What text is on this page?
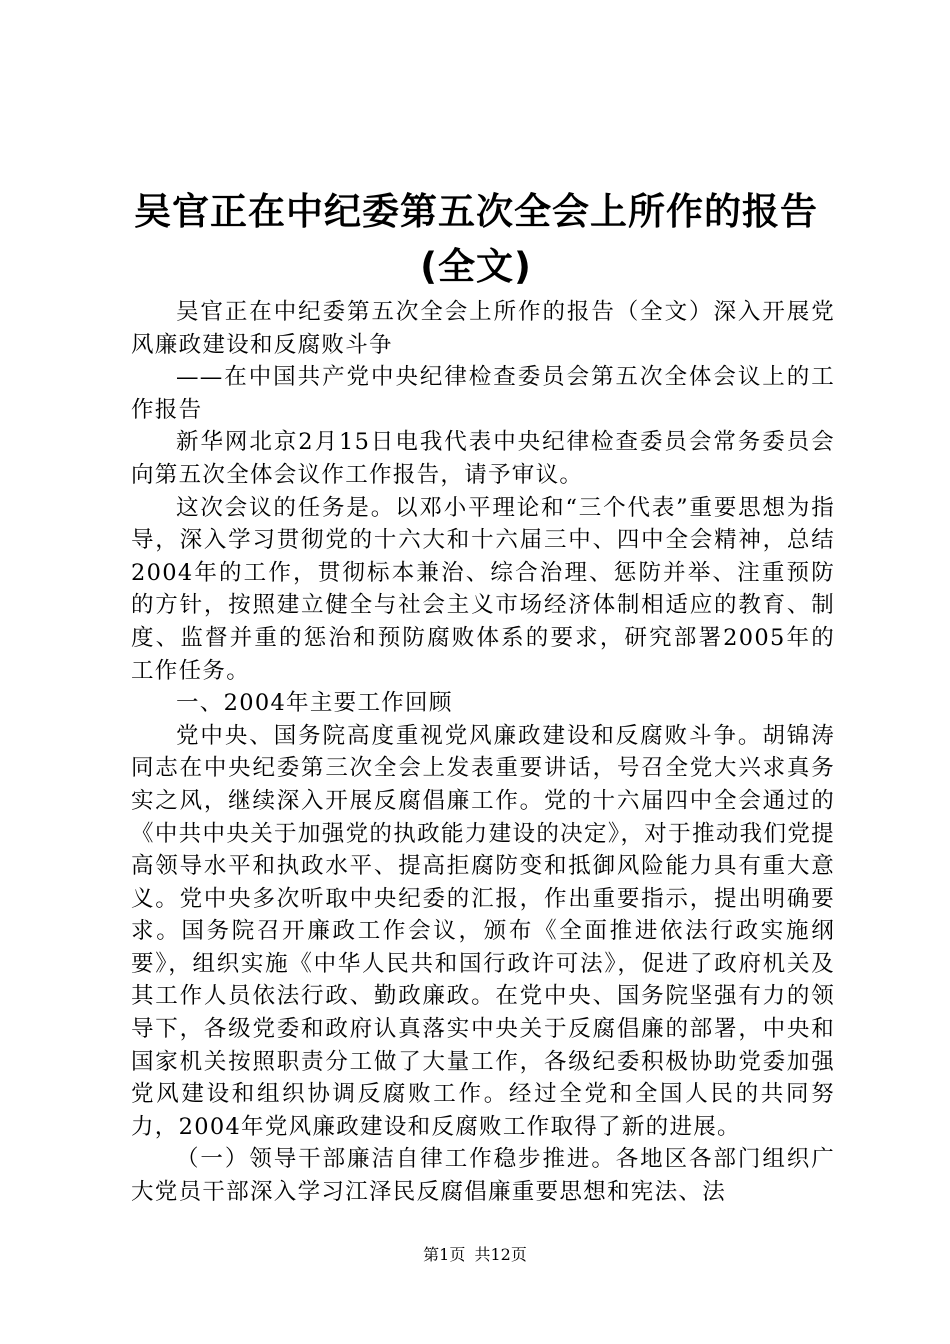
吴官正在中纪委第五次全会上所作的报告(全文)

吴官正在中纪委第五次全会上所作的报告（全文）深入开展党风廉政建设和反腐败斗争

——在中国共产党中央纪律检查委员会第五次全体会议上的工作报告

新华网北京2月15日电我代表中央纪律检查委员会常务委员会向第五次全体会议作工作报告，请予审议。

这次会议的任务是。以邓小平理论和“三个代表”重要思想为指导，深入学习贯彻党的十六大和十六届三中、四中全会精神，总结2004年的工作，贯彻标本兼治、综合治理、惩防并举、注重预防的方针，按照建立健全与社会主义市场经济体制相适应的教育、制度、监督并重的惩治和预防腐败体系的要求，研究部署2005年的工作任务。

一、2004年主要工作回顾

党中央、国务院高度重视党风廉政建设和反腐败斗争。胡锦涛同志在中央纪委第三次全会上发表重要讲话，号召全党大兴求真务实之风，继续深入开展反腐倡廉工作。党的十六届四中全会通过的《中共中央关于加强党的执政能力建设的决定》，对于推动我们党提高领导水平和执政水平、提高拒腐防变和抵御风险能力具有重大意义。党中央多次听取中央纪委的汇报，作出重要指示，提出明确要求。国务院召开廉政工作会议，颁布《全面推进依法行政实施纲要》，组织实施《中华人民共和国行政许可法》，促进了政府机关及其工作人员依法行政、勤政廉政。在党中央、国务院坚强有力的领导下，各级党委和政府认真落实中央关于反腐倡廉的部署，中央和国家机关按照职责分工做了大量工作，各级纪委积极协助党委加强党风建设和组织协调反腐败工作。经过全党和全国人民的共同努力，2004年党风廉政建设和反腐败工作取得了新的进展。

（一）领导干部廉洁自律工作稳步推进。各地区各部门组织广大党员干部深入学习江泽民反腐倡廉重要思想和宪法、法

第1页 共12页
